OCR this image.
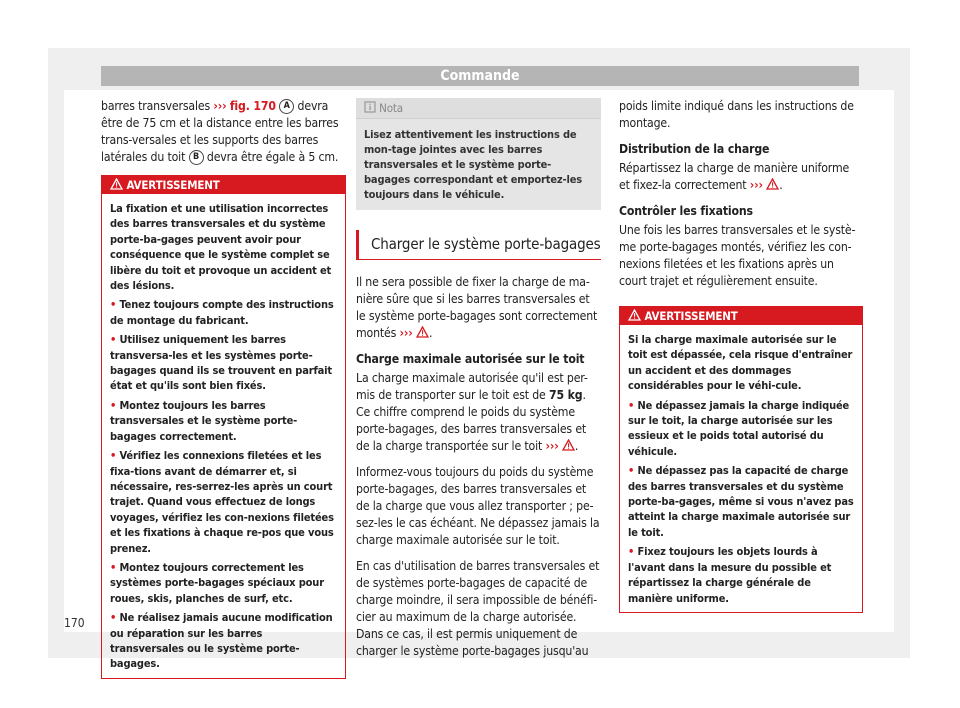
Commande

barres transversales ››› fig. 170 A devra être de 75 cm et la distance entre les barres trans-versales et les supports des barres latérales du toit B devra être égale à 5 cm.

AVERTISSEMENT
La fixation et une utilisation incorrectes des barres transversales et du système porte-ba-gages peuvent avoir pour conséquence que le système complet se libère du toit et provoque un accident et des lésions.
• Tenez toujours compte des instructions de montage du fabricant.
• Utilisez uniquement les barres transversa-les et les systèmes porte-bagages quand ils se trouvent en parfait état et qu'ils sont bien fixés.
• Montez toujours les barres transversales et le système porte-bagages correctement.
• Vérifiez les connexions filetées et les fixa-tions avant de démarrer et, si nécessaire, res-serrez-les après un court trajet. Quand vous effectuez de longs voyages, vérifiez les con-nexions filetées et les fixations à chaque re-pos que vous prenez.
• Montez toujours correctement les systèmes porte-bagages spéciaux pour roues, skis, planches de surf, etc.
• Ne réalisez jamais aucune modification ou réparation sur les barres transversales ou le système porte-bagages.
Nota
Lisez attentivement les instructions de mon-tage jointes avec les barres transversales et le système porte-bagages correspondant et emportez-les toujours dans le véhicule.
Charger le système porte-bagages

Il ne sera possible de fixer la charge de ma-nière sûre que si les barres transversales et le système porte-bagages sont correctement montés ››› .

Charge maximale autorisée sur le toit

La charge maximale autorisée qu'il est per-mis de transporter sur le toit est de 75 kg. Ce chiffre comprend le poids du système porte-bagages, des barres transversales et de la charge transportée sur le toit ››› .

Informez-vous toujours du poids du système porte-bagages, des barres transversales et de la charge que vous allez transporter ; pe-sez-les le cas échéant. Ne dépassez jamais la charge maximale autorisée sur le toit.

En cas d'utilisation de barres transversales et de systèmes porte-bagages de capacité de charge moindre, il sera impossible de bénéfi-cier au maximum de la charge autorisée. Dans ce cas, il est permis uniquement de charger le système porte-bagages jusqu'au

poids limite indiqué dans les instructions de montage.

Distribution de la charge

Répartissez la charge de manière uniforme et fixez-la correctement ››› .

Contrôler les fixations

Une fois les barres transversales et le systè-me porte-bagages montés, vérifiez les con-nexions filetées et les fixations après un court trajet et régulièrement ensuite.

AVERTISSEMENT
Si la charge maximale autorisée sur le toit est dépassée, cela risque d'entraîner un accident et des dommages considérables pour le véhi-cule.
• Ne dépassez jamais la charge indiquée sur le toit, la charge autorisée sur les essieux et le poids total autorisé du véhicule.
• Ne dépassez pas la capacité de charge des barres transversales et du système porte-ba-gages, même si vous n'avez pas atteint la charge maximale autorisée sur le toit.
• Fixez toujours les objets lourds à l'avant dans la mesure du possible et répartissez la charge générale de manière uniforme.
170
